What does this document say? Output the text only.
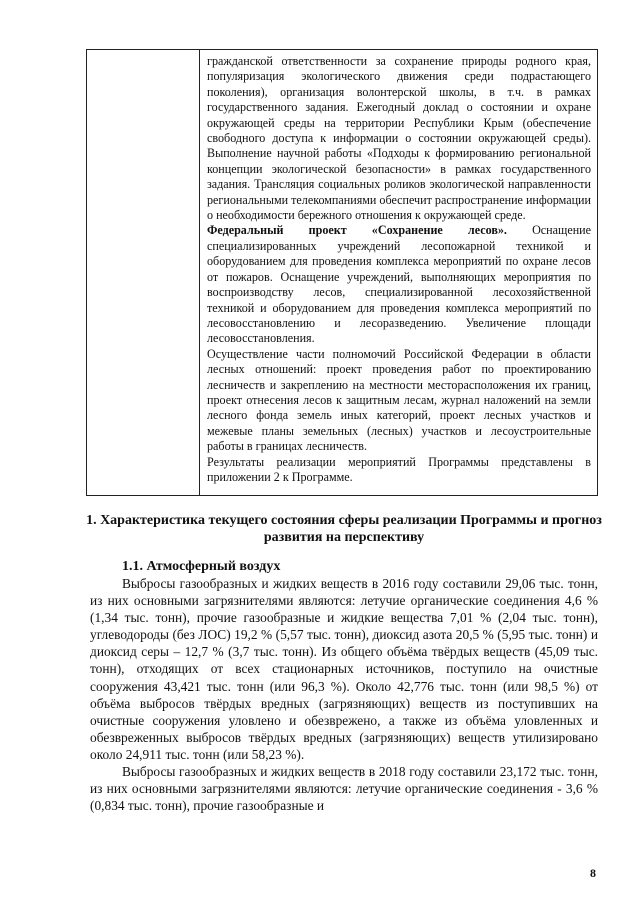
гражданской ответственности за сохранение природы родного края, популяризация экологического движения среди подрастающего поколения), организация волонтерской школы, в т.ч. в рамках государственного задания. Ежегодный доклад о состоянии и охране окружающей среды на территории Республики Крым (обеспечение свободного доступа к информации о состоянии окружающей среды). Выполнение научной работы «Подходы к формированию региональной концепции экологической безопасности» в рамках государственного задания. Трансляция социальных роликов экологической направленности региональными телекомпаниями обеспечит распространение информации о необходимости бережного отношения к окружающей среде.

Федеральный проект «Сохранение лесов». Оснащение специализированных учреждений лесопожарной техникой и оборудованием для проведения комплекса мероприятий по охране лесов от пожаров. Оснащение учреждений, выполняющих мероприятия по воспроизводству лесов, специализированной лесохозяйственной техникой и оборудованием для проведения комплекса мероприятий по лесовосстановлению и лесоразведению. Увеличение площади лесовосстановления.

Осуществление части полномочий Российской Федерации в области лесных отношений: проект проведения работ по проектированию лесничеств и закреплению на местности месторасположения их границ, проект отнесения лесов к защитным лесам, журнал наложений на земли лесного фонда земель иных категорий, проект лесных участков и межевые планы земельных (лесных) участков и лесоустроительные работы в границах лесничеств.

Результаты реализации мероприятий Программы представлены в приложении 2 к Программе.

1. Характеристика текущего состояния сферы реализации Программы и прогноз развития на перспективу
1.1. Атмосферный воздух

Выбросы газообразных и жидких веществ в 2016 году составили 29,06 тыс. тонн, из них основными загрязнителями являются: летучие органические соединения 4,6 % (1,34 тыс. тонн), прочие газообразные и жидкие вещества 7,01 % (2,04 тыс. тонн), углеводороды (без ЛОС) 19,2 % (5,57 тыс. тонн), диоксид азота 20,5 % (5,95 тыс. тонн) и диоксид серы – 12,7 % (3,7 тыс. тонн). Из общего объёма твёрдых веществ (45,09 тыс. тонн), отходящих от всех стационарных источников, поступило на очистные сооружения 43,421 тыс. тонн (или 96,3 %). Около 42,776 тыс. тонн (или 98,5 %) от объёма выбросов твёрдых вредных (загрязняющих) веществ из поступивших на очистные сооружения уловлено и обезврежено, а также из объёма уловленных и обезвреженных выбросов твёрдых вредных (загрязняющих) веществ утилизировано около 24,911 тыс. тонн (или 58,23 %).

Выбросы газообразных и жидких веществ в 2018 году составили 23,172 тыс. тонн, из них основными загрязнителями являются: летучие органические соединения - 3,6 % (0,834 тыс. тонн), прочие газообразные и

8
